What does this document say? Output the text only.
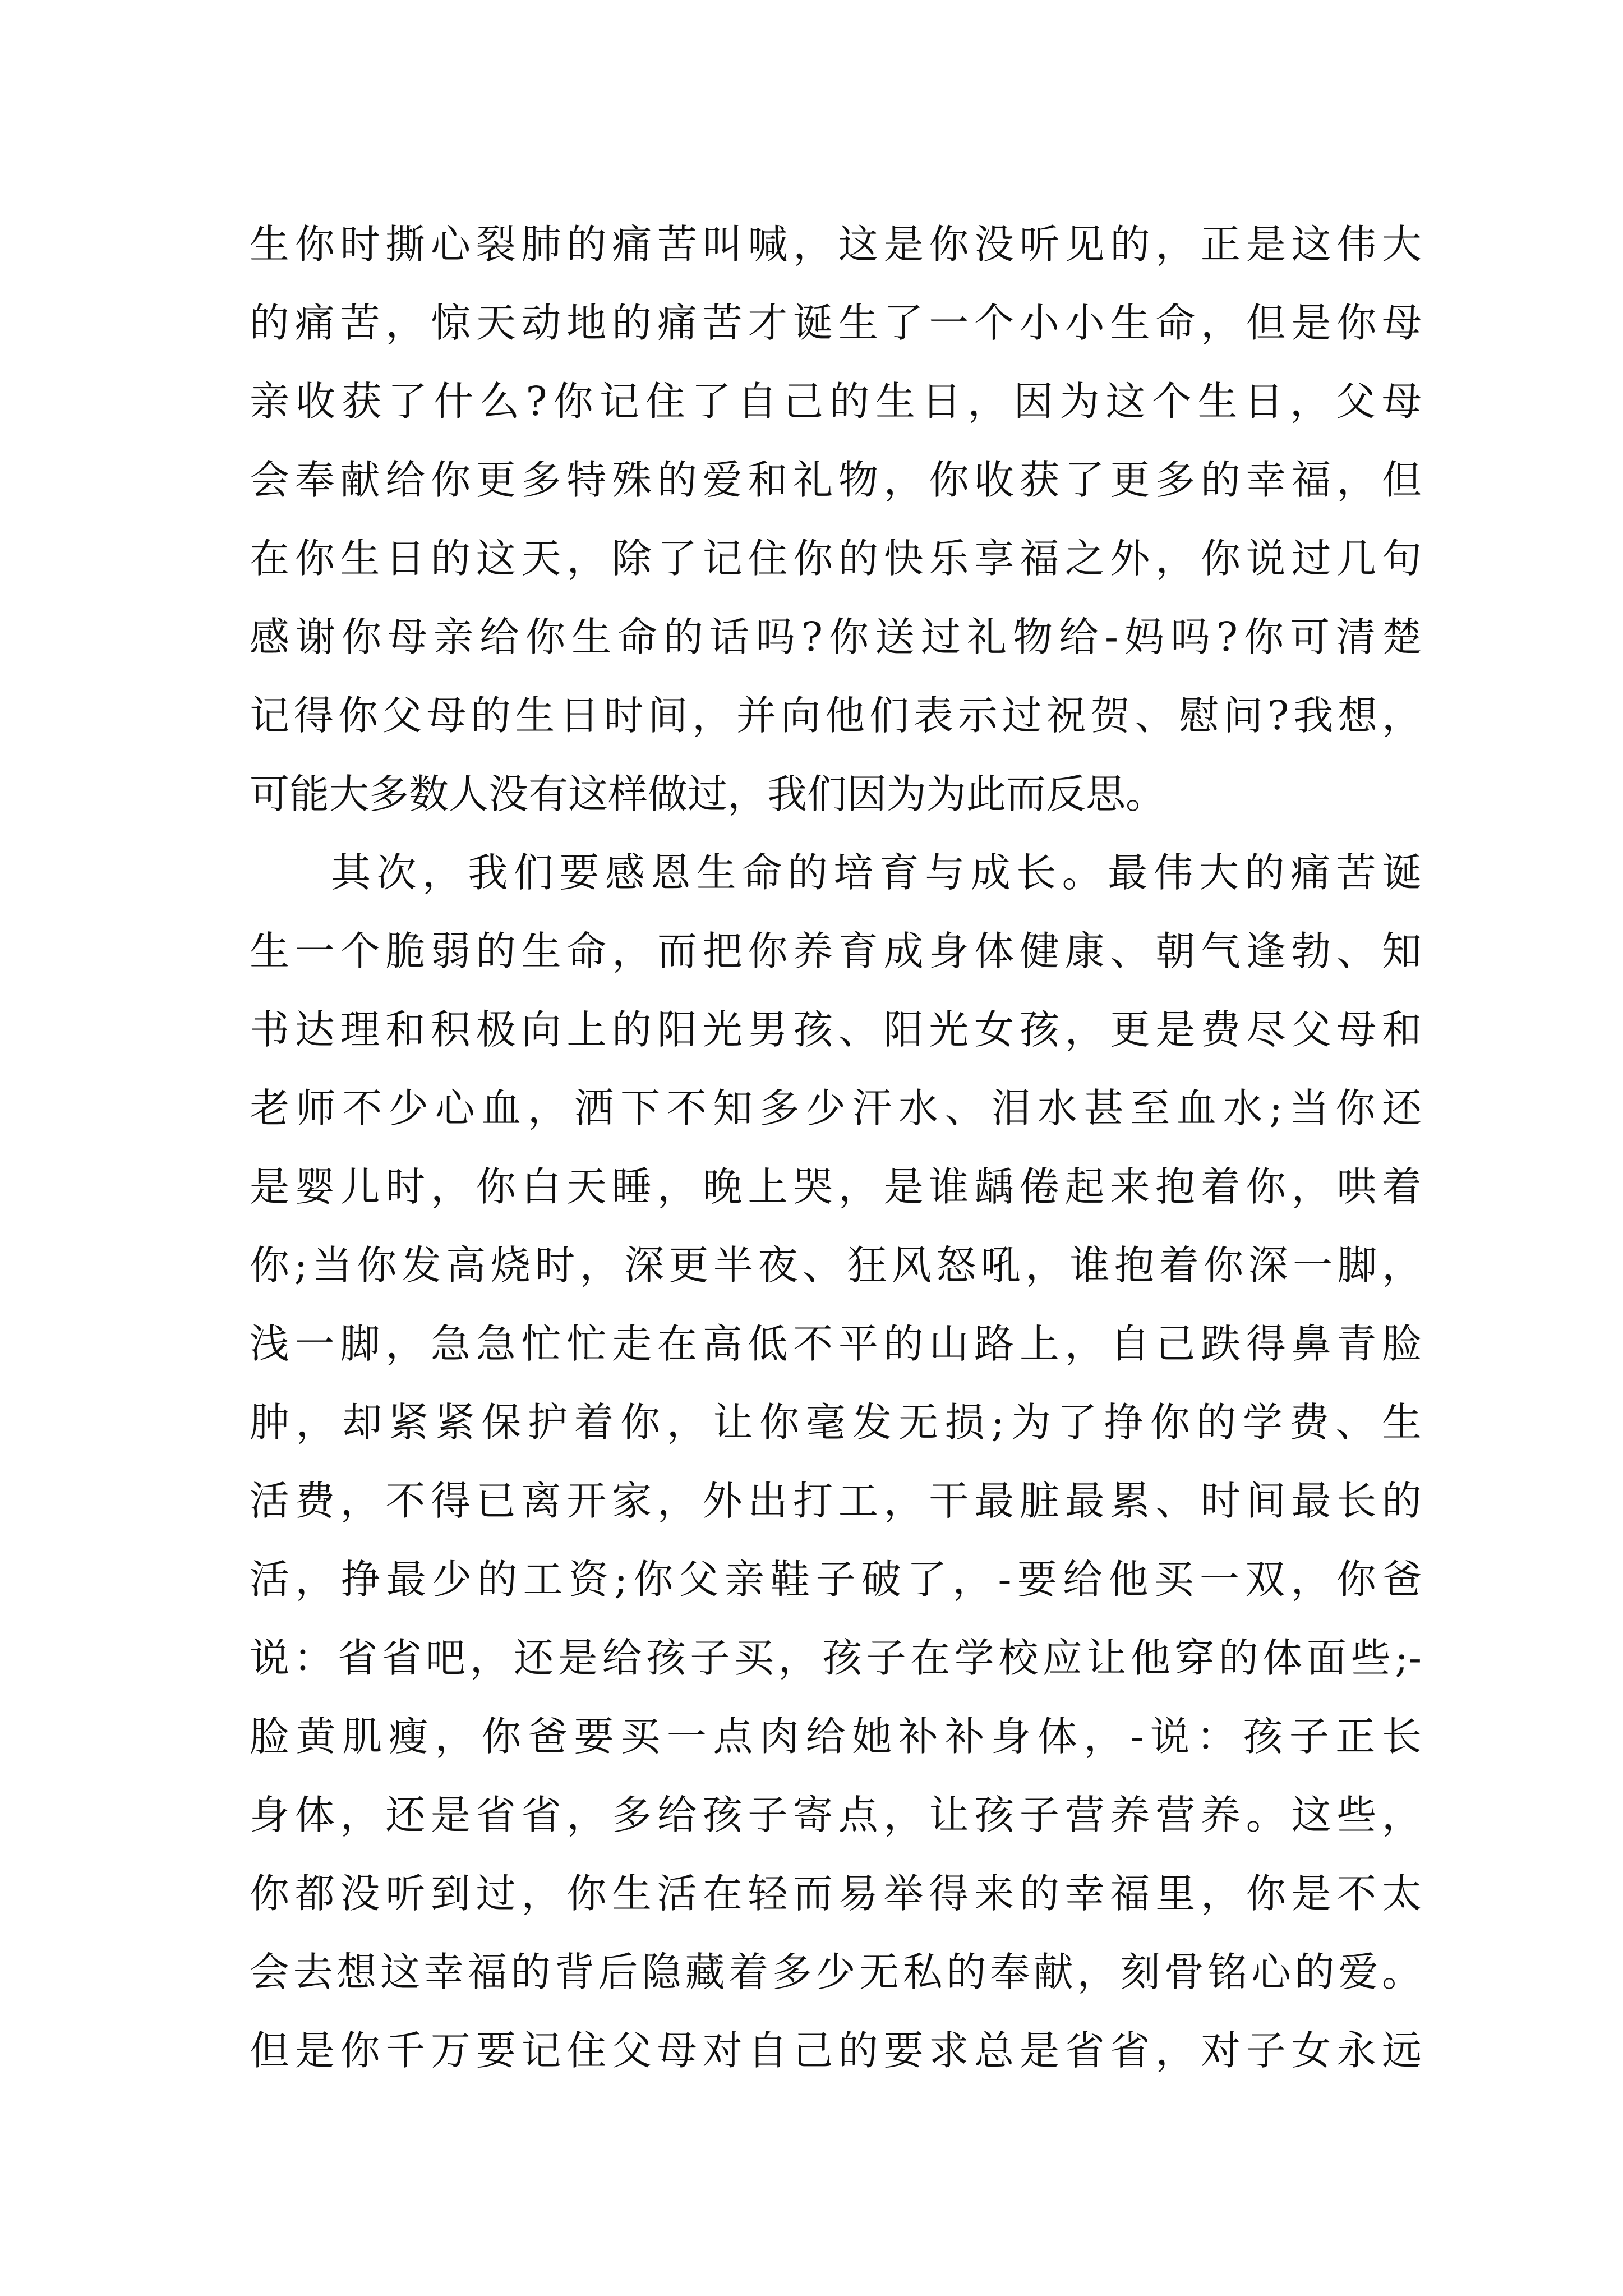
生你时撕心裂肺的痛苦叫喊，这是你没听见的，正是这伟大
的痛苦，惊天动地的痛苦才诞生了一个小小生命，但是你母
亲收获了什么?你记住了自己的生日，因为这个生日，父母
会奉献给你更多特殊的爱和礼物，你收获了更多的幸福，但
在你生日的这天，除了记住你的快乐享福之外，你说过几句
感谢你母亲给你生命的话吗?你送过礼物给-妈吗?你可清楚
记得你父母的生日时间，并向他们表示过祝贺、慰问?我想，
可能大多数人没有这样做过，我们因为为此而反思。
其次，我们要感恩生命的培育与成长。最伟大的痛苦诞
生一个脆弱的生命，而把你养育成身体健康、朝气逢勃、知
书达理和积极向上的阳光男孩、阳光女孩，更是费尽父母和
老师不少心血，洒下不知多少汗水、泪水甚至血水;当你还
是婴儿时，你白天睡，晚上哭，是谁龋倦起来抱着你，哄着
你;当你发高烧时，深更半夜、狂风怒吼，谁抱着你深一脚，
浅一脚，急急忙忙走在高低不平的山路上，自己跌得鼻青脸
肿，却紧紧保护着你，让你毫发无损;为了挣你的学费、生
活费，不得已离开家，外出打工，干最脏最累、时间最长的
活，挣最少的工资;你父亲鞋子破了，-要给他买一双，你爸
说：省省吧，还是给孩子买，孩子在学校应让他穿的体面些;-
脸黄肌瘦，你爸要买一点肉给她补补身体，-说：孩子正长
身体，还是省省，多给孩子寄点，让孩子营养营养。这些，
你都没听到过，你生活在轻而易举得来的幸福里，你是不太
会去想这幸福的背后隐藏着多少无私的奉献，刻骨铭心的爱。
但是你千万要记住父母对自己的要求总是省省，对子女永远
